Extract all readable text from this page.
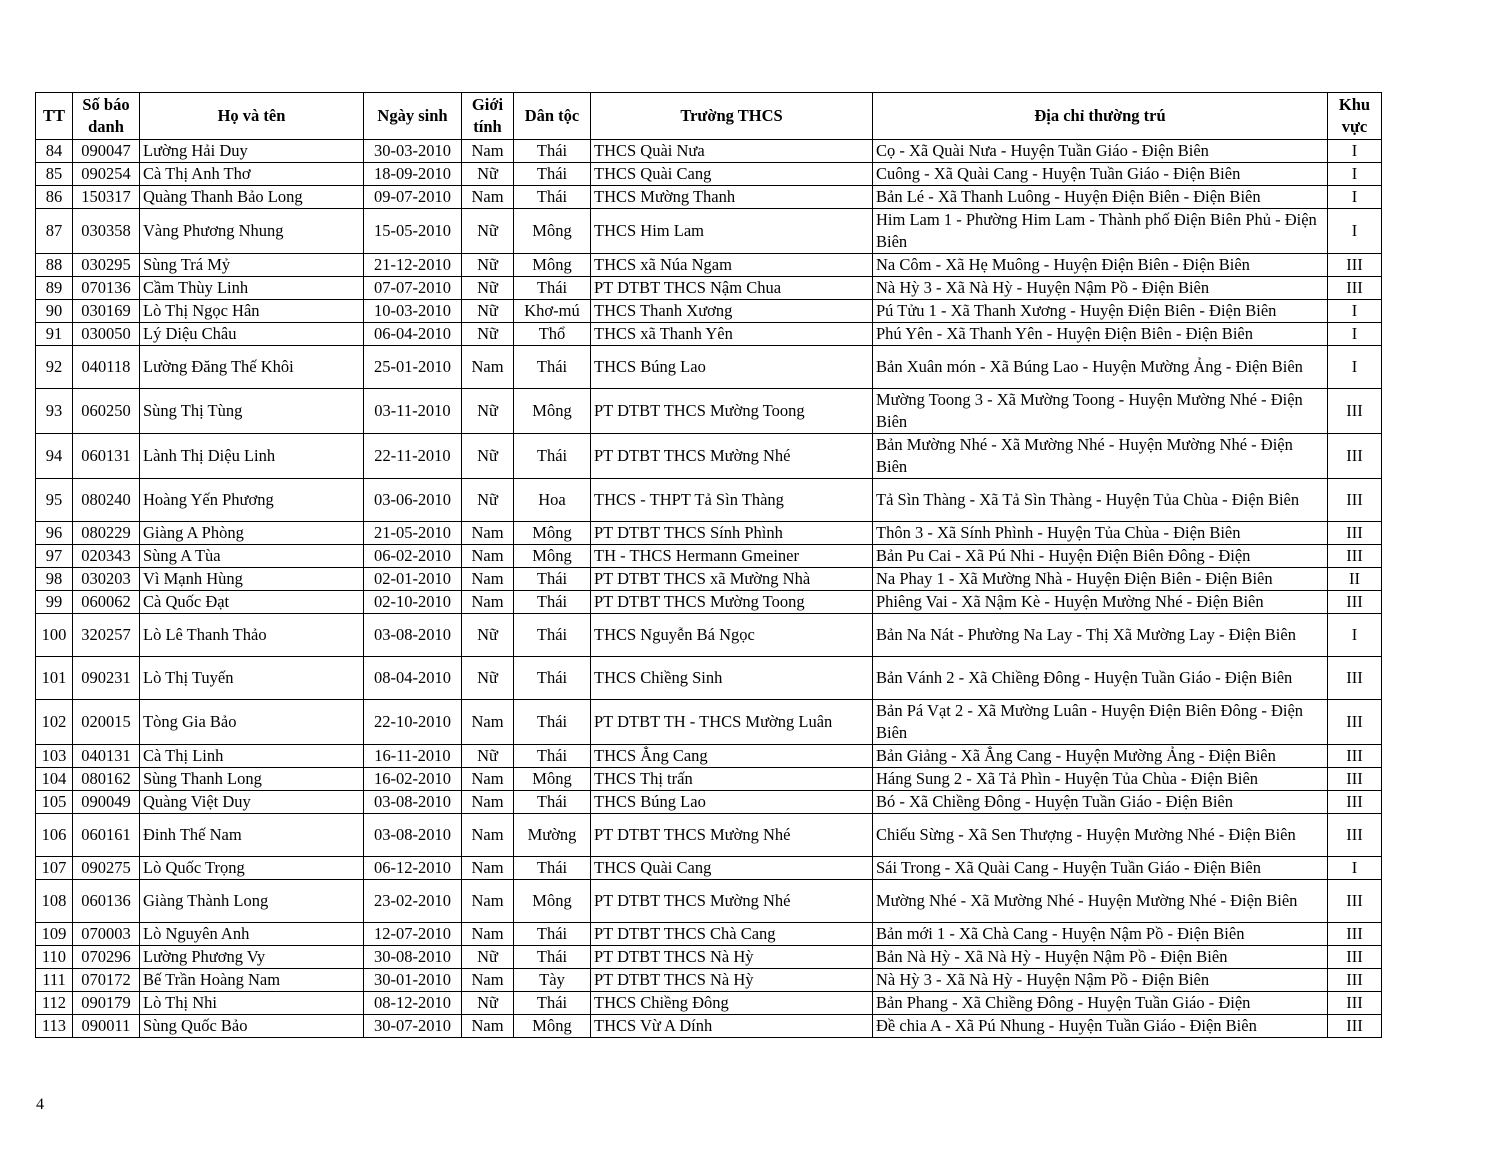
TT	Số báo danh	Họ và tên	Ngày sinh	Giới tính	Dân tộc	Trường THCS	Địa chỉ thường trú	Khu vực
84	090047	Lường Hải Duy	30-03-2010	Nam	Thái	THCS Quài Nưa	Cọ - Xã Quài Nưa - Huyện Tuần Giáo - Điện Biên	I
85	090254	Cà Thị Anh Thơ	18-09-2010	Nữ	Thái	THCS Quài Cang	Cuông - Xã Quài Cang - Huyện Tuần Giáo - Điện Biên	I
86	150317	Quàng Thanh Bảo Long	09-07-2010	Nam	Thái	THCS Mường Thanh	Bản Lé - Xã Thanh Luông - Huyện Điện Biên - Điện Biên	I
87	030358	Vàng Phương Nhung	15-05-2010	Nữ	Mông	THCS Him Lam	Him Lam 1 - Phường Him Lam - Thành phố Điện Biên Phủ - Điện Biên	I
88	030295	Sùng Trá Mỷ	21-12-2010	Nữ	Mông	THCS xã Núa Ngam	Na Côm - Xã Hẹ Muông - Huyện Điện Biên - Điện Biên	III
89	070136	Cầm Thùy Linh	07-07-2010	Nữ	Thái	PT DTBT THCS Nậm Chua	Nà Hỳ 3 - Xã Nà Hỳ - Huyện Nậm Pồ - Điện Biên	III
90	030169	Lò Thị Ngọc Hân	10-03-2010	Nữ	Khơ-mú	THCS Thanh Xương	Pú Tửu 1 - Xã Thanh Xương - Huyện Điện Biên - Điện Biên	I
91	030050	Lý Diệu Châu	06-04-2010	Nữ	Thổ	THCS xã Thanh Yên	Phú Yên - Xã Thanh Yên - Huyện Điện Biên - Điện Biên	I
92	040118	Lường Đăng Thế Khôi	25-01-2010	Nam	Thái	THCS Búng Lao	Bản Xuân món - Xã Búng Lao - Huyện Mường Ảng - Điện Biên	I
93	060250	Sùng Thị Tùng	03-11-2010	Nữ	Mông	PT DTBT THCS Mường Toong	Mường Toong 3 - Xã Mường Toong - Huyện Mường Nhé - Điện Biên	III
94	060131	Lành Thị Diệu Linh	22-11-2010	Nữ	Thái	PT DTBT THCS Mường Nhé	Bản Mường Nhé - Xã Mường Nhé - Huyện Mường Nhé - Điện Biên	III
95	080240	Hoàng Yến Phương	03-06-2010	Nữ	Hoa	THCS - THPT Tả Sìn Thàng	Tả Sìn Thàng - Xã Tả Sìn Thàng - Huyện Tủa Chùa - Điện Biên	III
96	080229	Giàng A Phòng	21-05-2010	Nam	Mông	PT DTBT THCS Sính Phình	Thôn 3 - Xã Sính Phình - Huyện Tủa Chùa - Điện Biên	III
97	020343	Sùng A Tùa	06-02-2010	Nam	Mông	TH - THCS Hermann Gmeiner	Bản Pu Cai - Xã Pú Nhi - Huyện Điện Biên Đông - Điện	III
98	030203	Vì Mạnh Hùng	02-01-2010	Nam	Thái	PT DTBT THCS xã Mường Nhà	Na Phay 1 - Xã Mường Nhà - Huyện Điện Biên - Điện Biên	II
99	060062	Cà Quốc Đạt	02-10-2010	Nam	Thái	PT DTBT THCS Mường Toong	Phiêng Vai - Xã Nậm Kè - Huyện Mường Nhé - Điện Biên	III
100	320257	Lò Lê Thanh Thảo	03-08-2010	Nữ	Thái	THCS Nguyễn Bá Ngọc	Bản Na Nát - Phường Na Lay - Thị Xã Mường Lay - Điện Biên	I
101	090231	Lò Thị Tuyến	08-04-2010	Nữ	Thái	THCS Chiềng Sinh	Bản Vánh 2 - Xã Chiềng Đông - Huyện Tuần Giáo - Điện Biên	III
102	020015	Tòng Gia Bảo	22-10-2010	Nam	Thái	PT DTBT TH - THCS Mường Luân	Bản Pá Vạt 2 - Xã Mường Luân - Huyện Điện Biên Đông - Điện Biên	III
103	040131	Cà Thị Linh	16-11-2010	Nữ	Thái	THCS Ẳng Cang	Bản Giảng - Xã Ẳng Cang - Huyện Mường Ảng - Điện Biên	III
104	080162	Sùng Thanh Long	16-02-2010	Nam	Mông	THCS Thị trấn	Háng Sung 2 - Xã Tả Phìn - Huyện Tủa Chùa - Điện Biên	III
105	090049	Quàng Việt Duy	03-08-2010	Nam	Thái	THCS Búng Lao	Bó - Xã Chiềng Đông - Huyện Tuần Giáo - Điện Biên	III
106	060161	Đinh Thế Nam	03-08-2010	Nam	Mường	PT DTBT THCS Mường Nhé	Chiếu Sừng - Xã Sen Thượng - Huyện Mường Nhé - Điện Biên	III
107	090275	Lò Quốc Trọng	06-12-2010	Nam	Thái	THCS Quài Cang	Sái Trong - Xã Quài Cang - Huyện Tuần Giáo - Điện Biên	I
108	060136	Giàng Thành Long	23-02-2010	Nam	Mông	PT DTBT THCS Mường Nhé	Mường Nhé - Xã Mường Nhé - Huyện Mường Nhé - Điện Biên	III
109	070003	Lò Nguyên Anh	12-07-2010	Nam	Thái	PT DTBT THCS Chà Cang	Bản mới 1 - Xã Chà Cang - Huyện Nậm Pồ - Điện Biên	III
110	070296	Lường Phương Vy	30-08-2010	Nữ	Thái	PT DTBT THCS Nà Hỳ	Bản Nà Hỳ - Xã Nà Hỳ - Huyện Nậm Pồ - Điện Biên	III
111	070172	Bế Trần Hoàng Nam	30-01-2010	Nam	Tày	PT DTBT THCS Nà Hỳ	Nà Hỳ 3 - Xã Nà Hỳ - Huyện Nậm Pồ - Điện Biên	III
112	090179	Lò Thị Nhi	08-12-2010	Nữ	Thái	THCS Chiềng Đông	Bản Phang - Xã Chiềng Đông - Huyện Tuần Giáo - Điện	III
113	090011	Sùng Quốc Bảo	30-07-2010	Nam	Mông	THCS Vừ A Dính	Đề chia A - Xã Pú Nhung - Huyện Tuần Giáo - Điện Biên	III
4
